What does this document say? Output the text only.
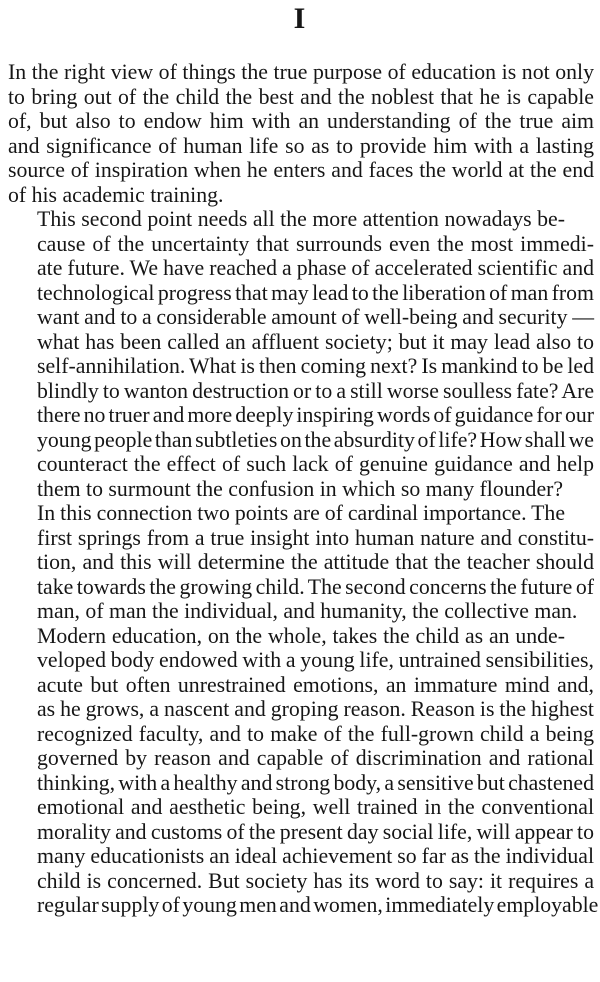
I

In the right view of things the true purpose of education is not only
to bring out of the child the best and the noblest that he is capable
of, but also to endow him with an understanding of the true aim
and significance of human life so as to provide him with a lasting
source of inspiration when he enters and faces the world at the end
of his academic training.

This second point needs all the more attention nowadays be-
cause of the uncertainty that surrounds even the most immedi-
ate future. We have reached a phase of accelerated scientific and
technological progress that may lead to the liberation of man from
want and to a considerable amount of well-being and security —
what has been called an affluent society; but it may lead also to
self-annihilation. What is then coming next? Is mankind to be led
blindly to wanton destruction or to a still worse soulless fate? Are
there no truer and more deeply inspiring words of guidance for our
young people than subtleties on the absurdity of life? How shall we
counteract the effect of such lack of genuine guidance and help
them to surmount the confusion in which so many flounder?

In this connection two points are of cardinal importance. The
first springs from a true insight into human nature and constitu-
tion, and this will determine the attitude that the teacher should
take towards the growing child. The second concerns the future of
man, of man the individual, and humanity, the collective man.

Modern education, on the whole, takes the child as an unde-
veloped body endowed with a young life, untrained sensibilities,
acute but often unrestrained emotions, an immature mind and,
as he grows, a nascent and groping reason. Reason is the highest
recognized faculty, and to make of the full-grown child a being
governed by reason and capable of discrimination and rational
thinking, with a healthy and strong body, a sensitive but chastened
emotional and aesthetic being, well trained in the conventional
morality and customs of the present day social life, will appear to
many educationists an ideal achievement so far as the individual
child is concerned. But society has its word to say: it requires a
regular supply of young men and women, immediately employable
